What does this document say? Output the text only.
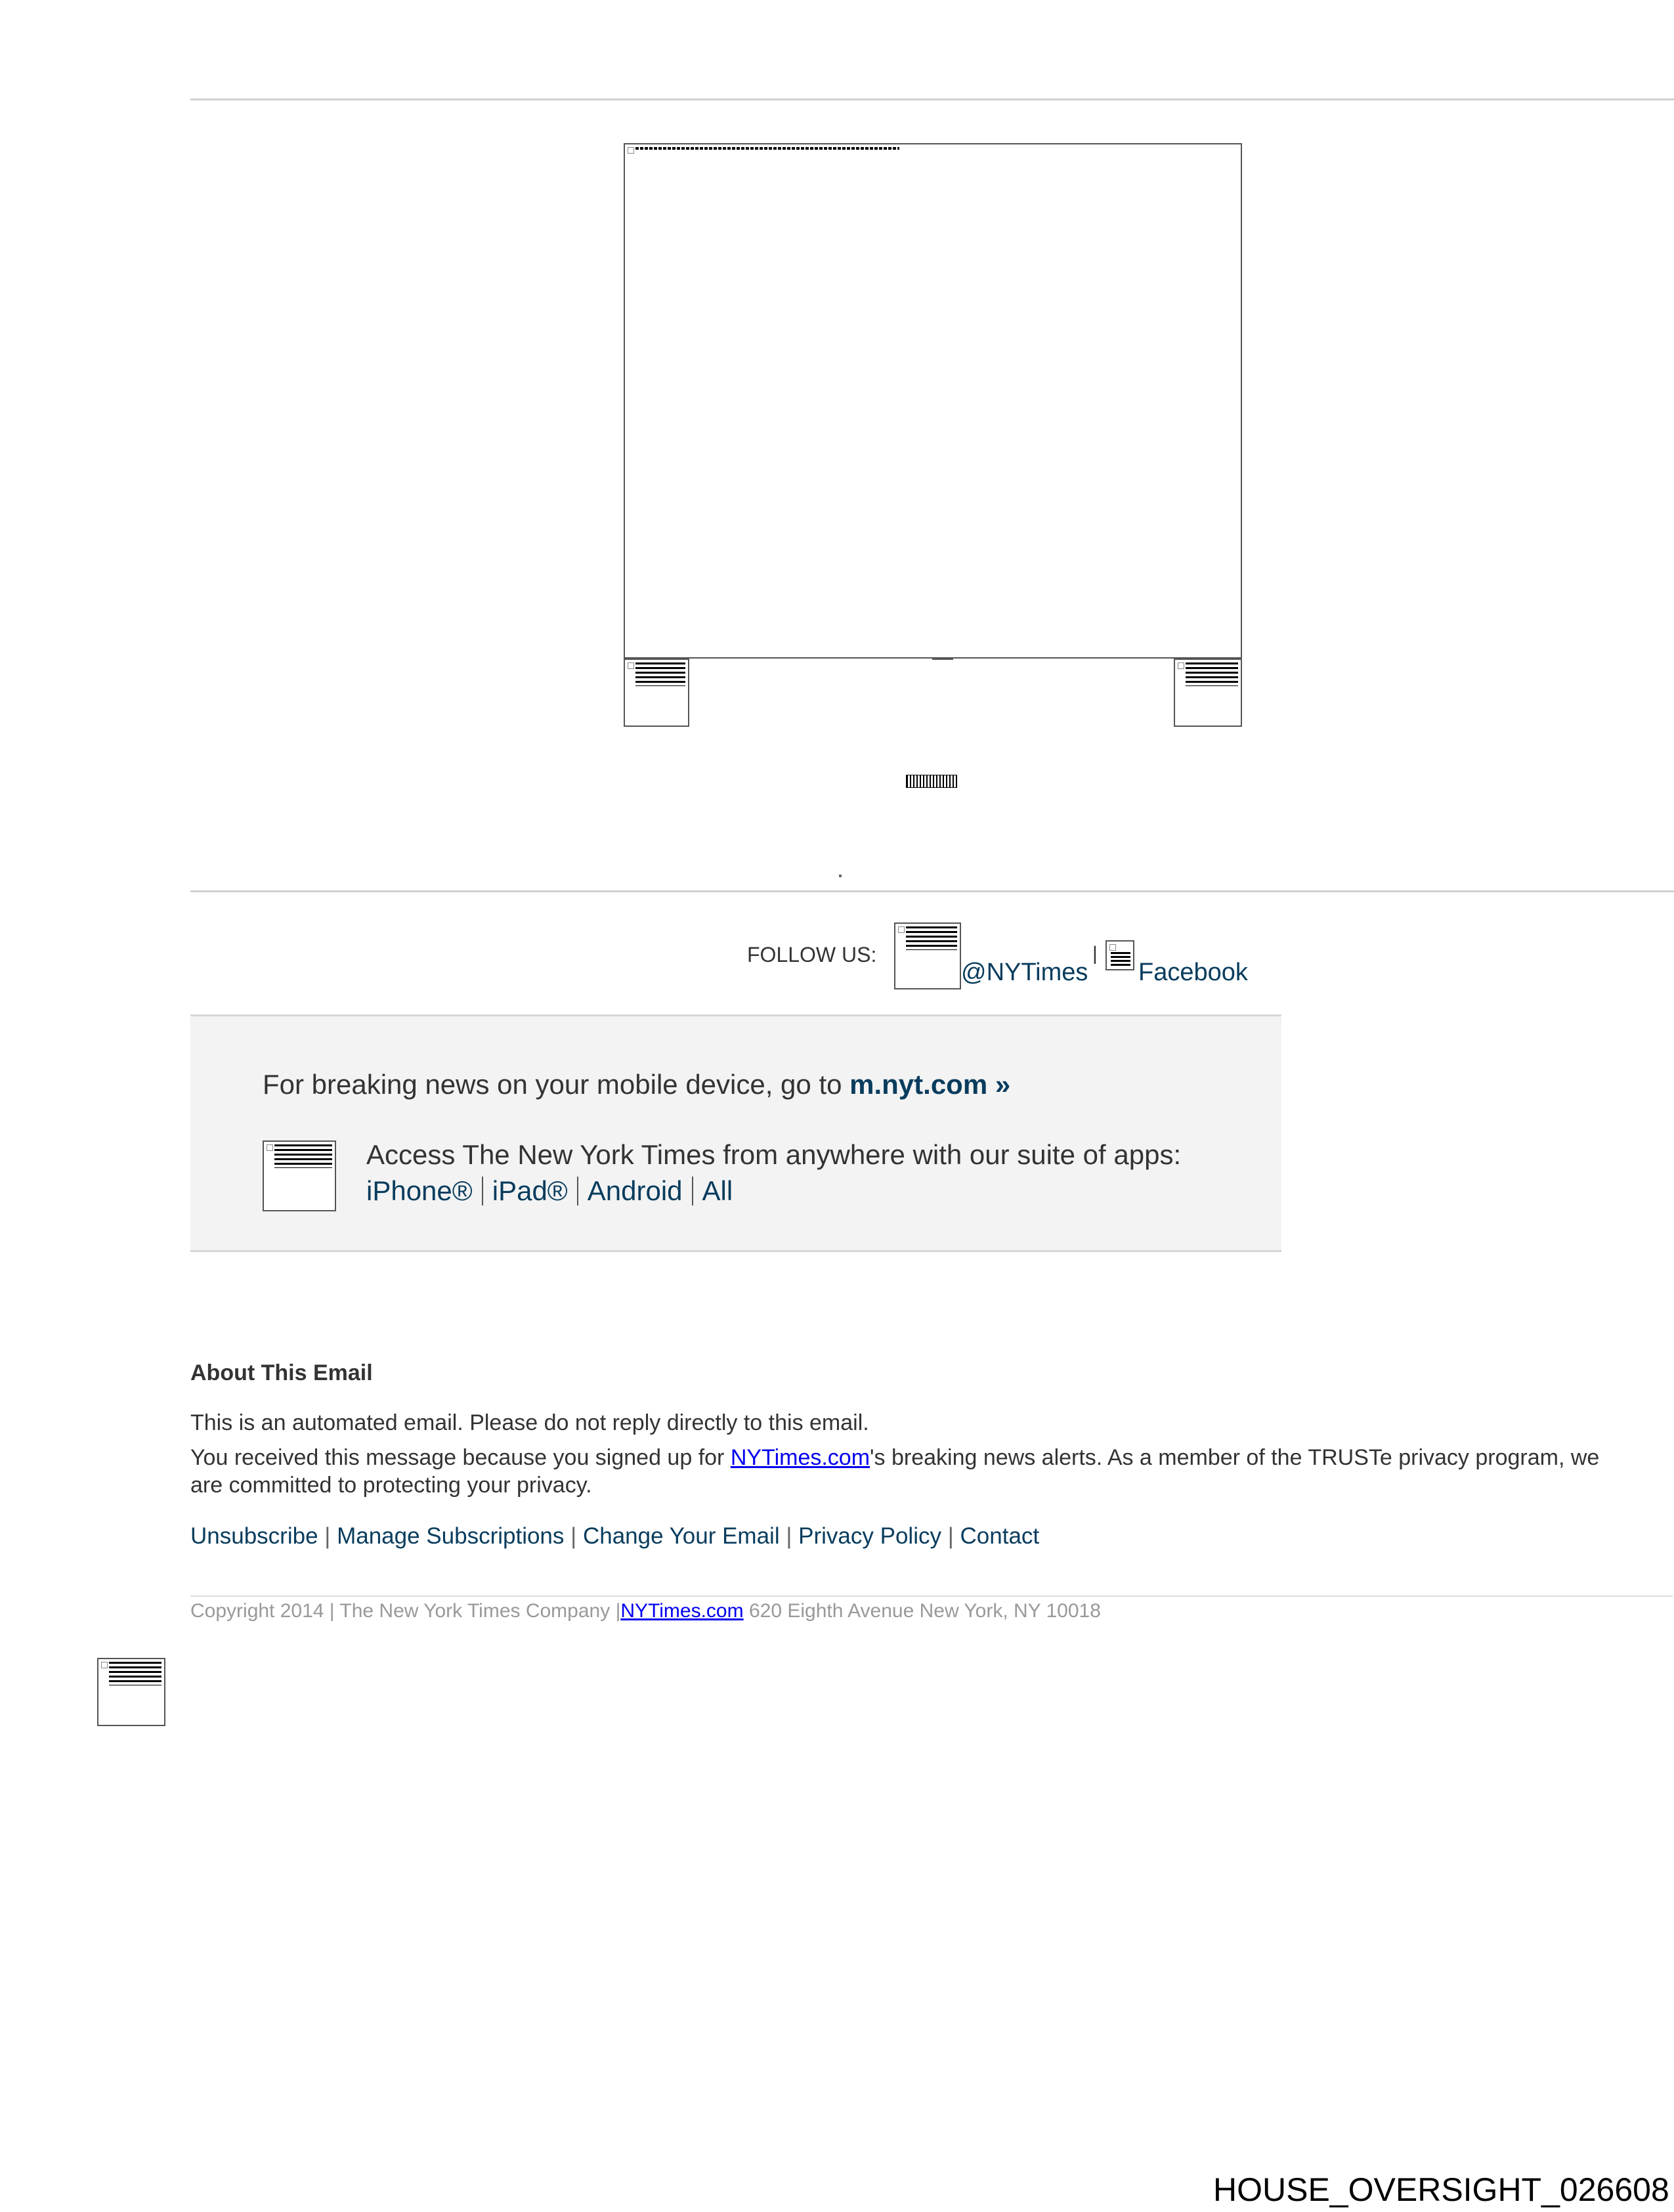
FOLLOW US:
@NYTimes
|
Facebook
For breaking news on your mobile device, go to m.nyt.com »
Access The New York Times from anywhere with our suite of apps:
iPhone® iPad® Android All
About This Email
This is an automated email. Please do not reply directly to this email.
You received this message because you signed up for NYTimes.com's breaking news alerts. As a member of the TRUSTe privacy program, we
are committed to protecting your privacy.
Unsubscribe | Manage Subscriptions | Change Your Email | Privacy Policy | Contact
Copyright 2014 | The New York Times Company |NYTimes.com 620 Eighth Avenue New York, NY 10018
HOUSE_OVERSIGHT_026608
